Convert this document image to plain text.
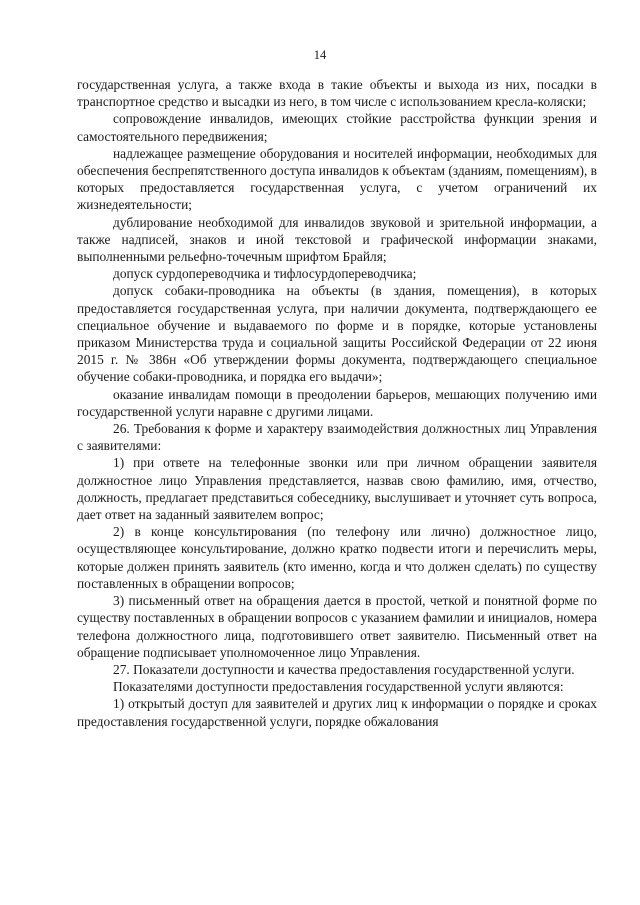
14

государственная услуга, а также входа в такие объекты и выхода из них, посадки в транспортное средство и высадки из него, в том числе с использованием кресла-коляски;

сопровождение инвалидов, имеющих стойкие расстройства функции зрения и самостоятельного передвижения;

надлежащее размещение оборудования и носителей информации, необходимых для обеспечения беспрепятственного доступа инвалидов к объектам (зданиям, помещениям), в которых предоставляется государственная услуга, с учетом ограничений их жизнедеятельности;

дублирование необходимой для инвалидов звуковой и зрительной информации, а также надписей, знаков и иной текстовой и графической информации знаками, выполненными рельефно-точечным шрифтом Брайля;

допуск сурдопереводчика и тифлосурдопереводчика;

допуск собаки-проводника на объекты (в здания, помещения), в которых предоставляется государственная услуга, при наличии документа, подтверждающего ее специальное обучение и выдаваемого по форме и в порядке, которые установлены приказом Министерства труда и социальной защиты Российской Федерации от 22 июня 2015 г. № 386н «Об утверждении формы документа, подтверждающего специальное обучение собаки-проводника, и порядка его выдачи»;

оказание инвалидам помощи в преодолении барьеров, мешающих получению ими государственной услуги наравне с другими лицами.

26. Требования к форме и характеру взаимодействия должностных лиц Управления с заявителями:

1) при ответе на телефонные звонки или при личном обращении заявителя должностное лицо Управления представляется, назвав свою фамилию, имя, отчество, должность, предлагает представиться собеседнику, выслушивает и уточняет суть вопроса, дает ответ на заданный заявителем вопрос;

2) в конце консультирования (по телефону или лично) должностное лицо, осуществляющее консультирование, должно кратко подвести итоги и перечислить меры, которые должен принять заявитель (кто именно, когда и что должен сделать) по существу поставленных в обращении вопросов;

3) письменный ответ на обращения дается в простой, четкой и понятной форме по существу поставленных в обращении вопросов с указанием фамилии и инициалов, номера телефона должностного лица, подготовившего ответ заявителю. Письменный ответ на обращение подписывает уполномоченное лицо Управления.

27. Показатели доступности и качества предоставления государственной услуги.

Показателями доступности предоставления государственной услуги являются:

1) открытый доступ для заявителей и других лиц к информации о порядке и сроках предоставления государственной услуги, порядке обжалования
